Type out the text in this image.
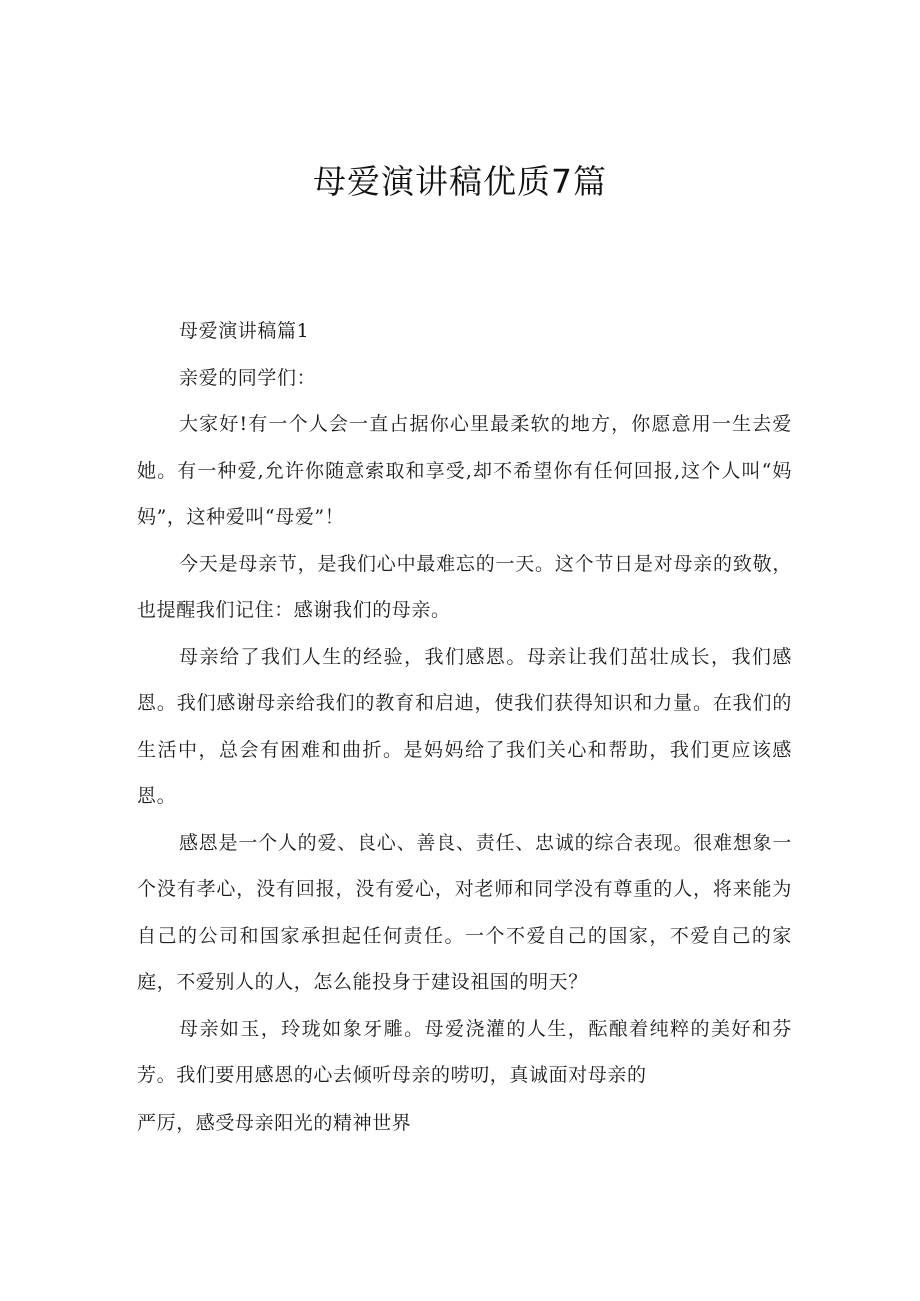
母爱演讲稿优质7篇

母爱演讲稿篇1

亲爱的同学们：

大家好!有一个人会一直占据你心里最柔软的地方，你愿意用一生去爱她。有一种爱,允许你随意索取和享受,却不希望你有任何回报,这个人叫“妈妈”，这种爱叫“母爱”！

今天是母亲节，是我们心中最难忘的一天。这个节日是对母亲的致敬，也提醒我们记住：感谢我们的母亲。

母亲给了我们人生的经验，我们感恩。母亲让我们茁壮成长，我们感恩。我们感谢母亲给我们的教育和启迪，使我们获得知识和力量。在我们的生活中，总会有困难和曲折。是妈妈给了我们关心和帮助，我们更应该感恩。

感恩是一个人的爱、良心、善良、责任、忠诚的综合表现。很难想象一个没有孝心，没有回报，没有爱心，对老师和同学没有尊重的人，将来能为自己的公司和国家承担起任何责任。一个不爱自己的国家，不爱自己的家庭，不爱别人的人，怎么能投身于建设祖国的明天？

母亲如玉，玲珑如象牙雕。母爱浇灌的人生，酝酿着纯粹的美好和芬芳。我们要用感恩的心去倾听母亲的唠叨，真诚面对母亲的

严厉，感受母亲阳光的精神世界
